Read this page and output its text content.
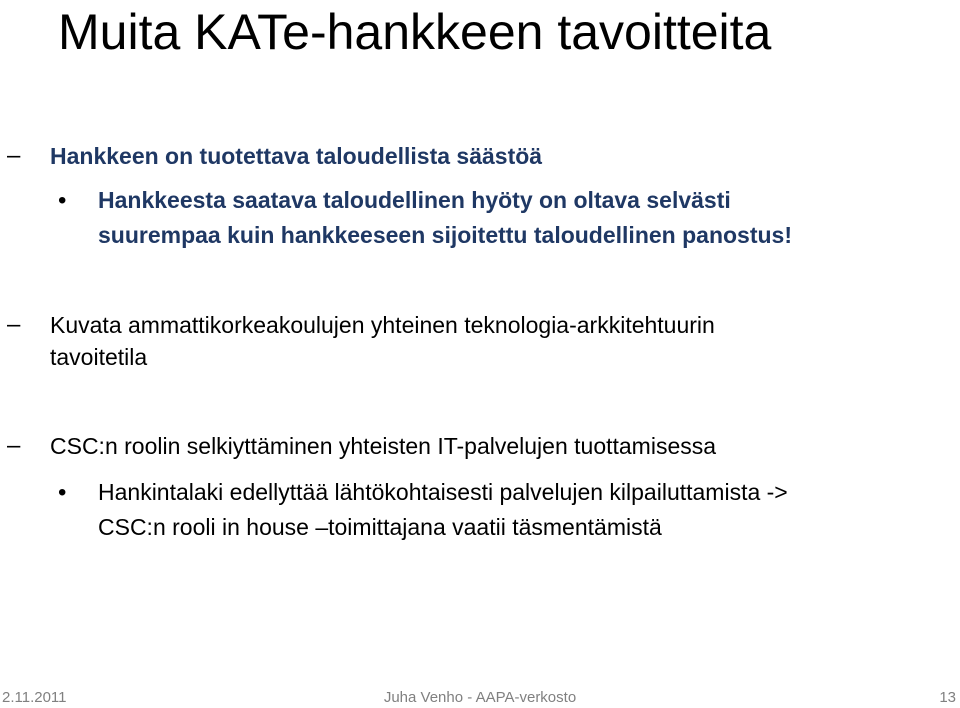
Muita KATe-hankkeen tavoitteita
– Hankkeen on tuotettava taloudellista säästöä
• Hankkeesta saatava taloudellinen hyöty on oltava selvästi
suurempaa kuin hankkeeseen sijoitettu taloudellinen panostus!
– Kuvata ammattikorkeakoulujen yhteinen teknologia-arkkitehtuurin
tavoitetila
– CSC:n roolin selkiyttäminen yhteisten IT-palvelujen tuottamisessa
• Hankintalaki edellyttää lähtökohtaisesti palvelujen kilpailuttamista ->
CSC:n rooli in house –toimittajana vaatii täsmentämistä
2.11.2011	Juha Venho - AAPA-verkosto	13
